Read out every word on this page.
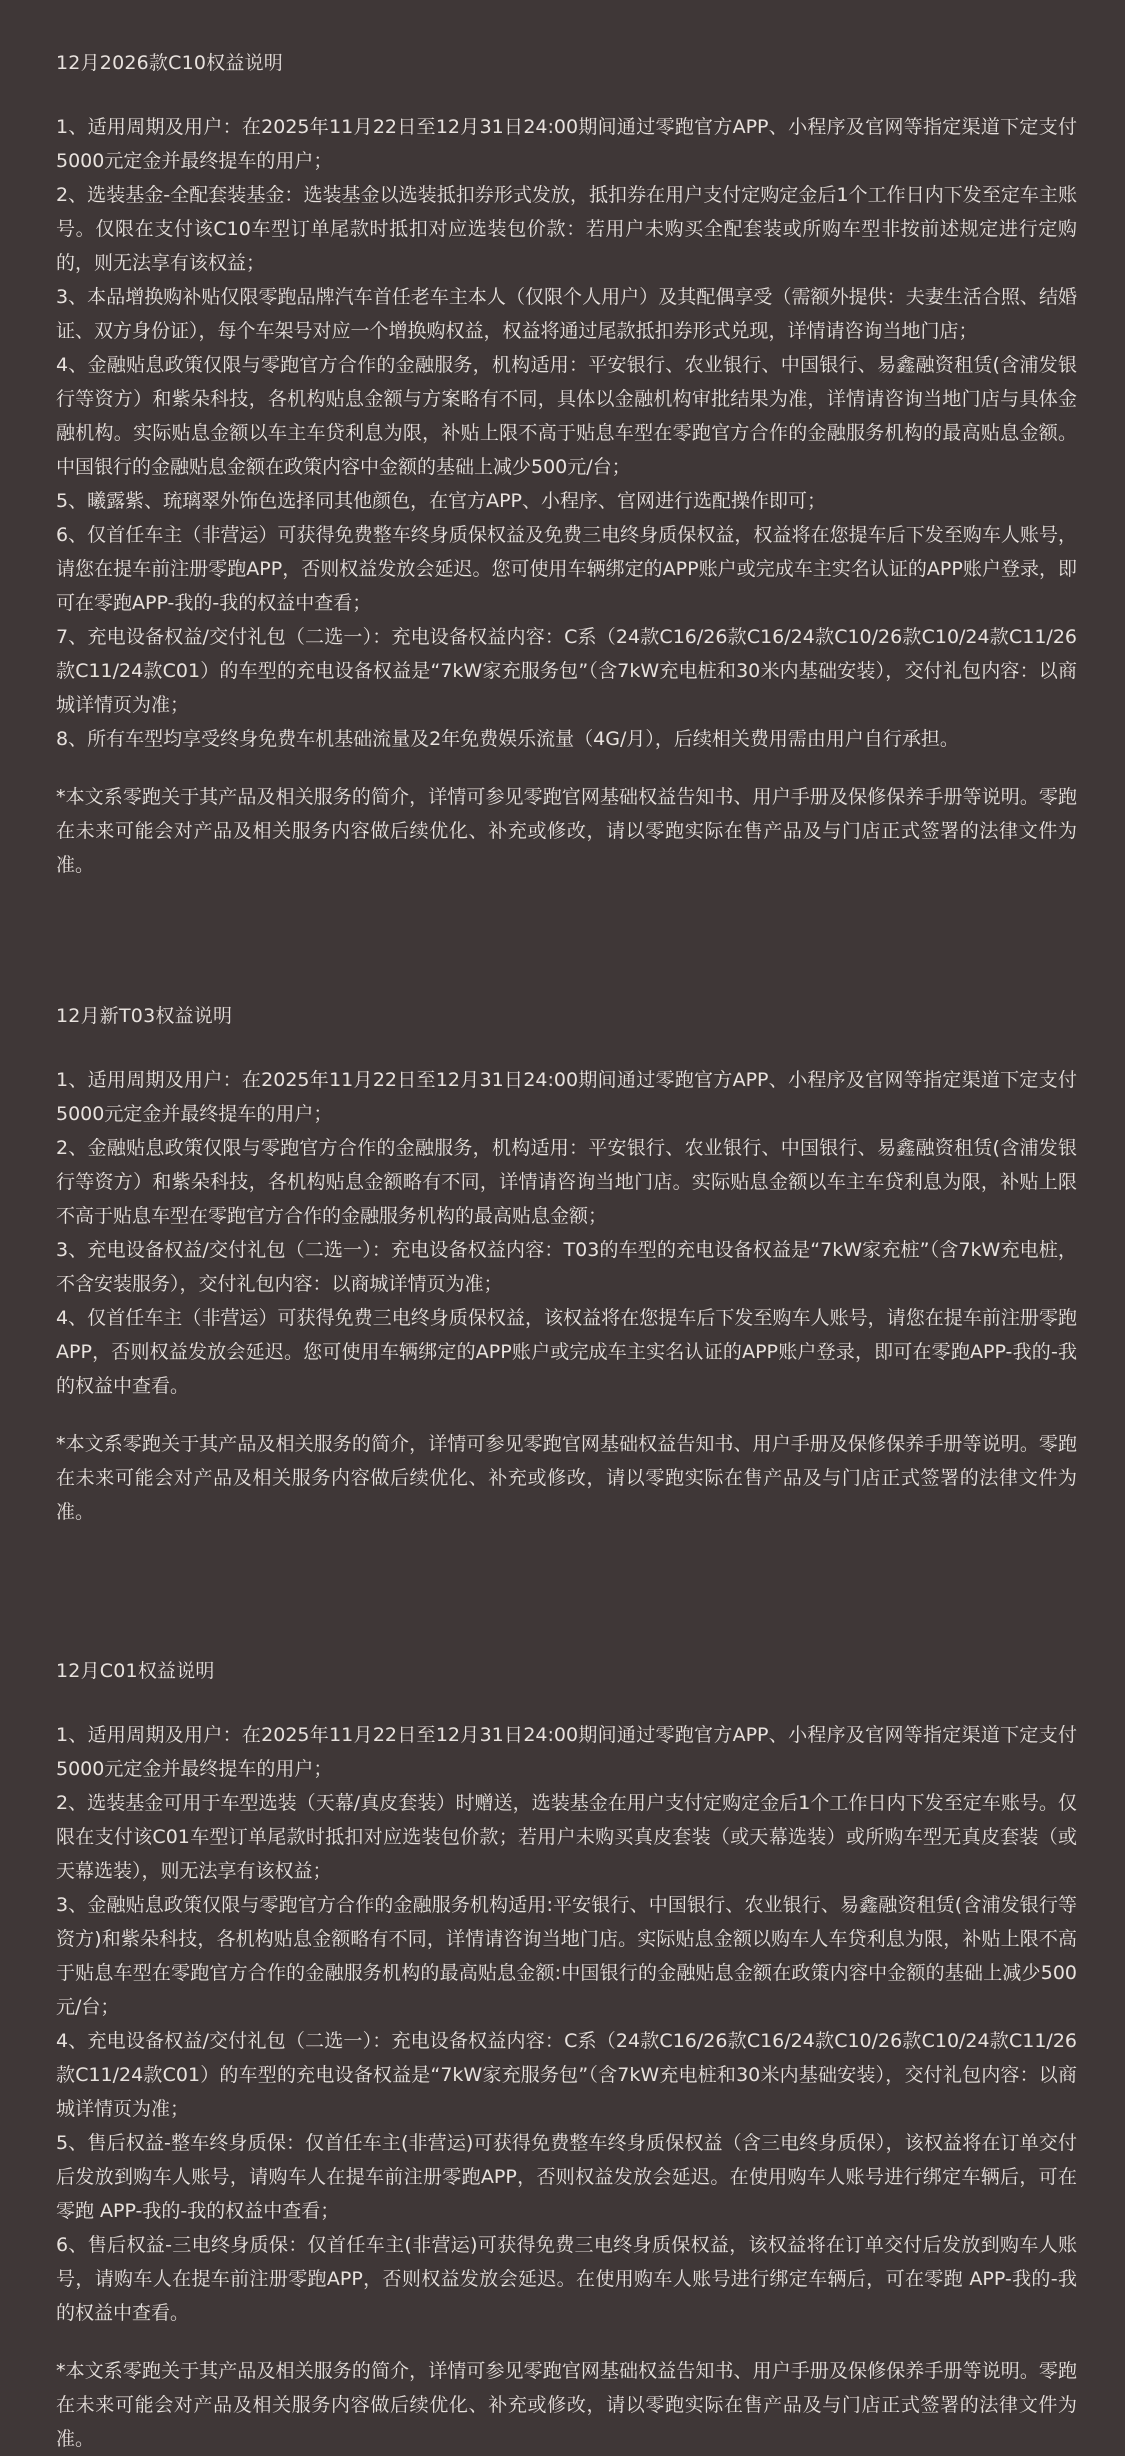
12月2026款C10权益说明

1、适用周期及用户：在2025年11月22日至12月31日24:00期间通过零跑官方APP、小程序及官网等指定渠道下定支付5000元定金并最终提车的用户；

2、选装基金-全配套装基金：选装基金以选装抵扣券形式发放，抵扣券在用户支付定购定金后1个工作日内下发至定车主账号。仅限在支付该C10车型订单尾款时抵扣对应选装包价款：若用户未购买全配套装或所购车型非按前述规定进行定购的，则无法享有该权益；

3、本品增换购补贴仅限零跑品牌汽车首任老车主本人（仅限个人用户）及其配偶享受（需额外提供：夫妻生活合照、结婚证、双方身份证），每个车架号对应一个增换购权益，权益将通过尾款抵扣券形式兑现，详情请咨询当地门店；

4、金融贴息政策仅限与零跑官方合作的金融服务，机构适用：平安银行、农业银行、中国银行、易鑫融资租赁(含浦发银行等资方）和紫朵科技，各机构贴息金额与方案略有不同，具体以金融机构审批结果为准，详情请咨询当地门店与具体金融机构。实际贴息金额以车主车贷利息为限，补贴上限不高于贴息车型在零跑官方合作的金融服务机构的最高贴息金额。中国银行的金融贴息金额在政策内容中金额的基础上减少500元/台；

5、曦露紫、琉璃翠外饰色选择同其他颜色，在官方APP、小程序、官网进行选配操作即可；

6、仅首任车主（非营运）可获得免费整车终身质保权益及免费三电终身质保权益，权益将在您提车后下发至购车人账号，请您在提车前注册零跑APP，否则权益发放会延迟。您可使用车辆绑定的APP账户或完成车主实名认证的APP账户登录，即可在零跑APP-我的-我的权益中查看；

7、充电设备权益/交付礼包（二选一）：充电设备权益内容：C系（24款C16/26款C16/24款C10/26款C10/24款C11/26款C11/24款C01）的车型的充电设备权益是“7kW家充服务包”（含7kW充电桩和30米内基础安装），交付礼包内容：以商城详情页为准；

8、所有车型均享受终身免费车机基础流量及2年免费娱乐流量（4G/月），后续相关费用需由用户自行承担。

*本文系零跑关于其产品及相关服务的简介，详情可参见零跑官网基础权益告知书、用户手册及保修保养手册等说明。零跑在未来可能会对产品及相关服务内容做后续优化、补充或修改，请以零跑实际在售产品及与门店正式签署的法律文件为准。

12月新T03权益说明

1、适用周期及用户：在2025年11月22日至12月31日24:00期间通过零跑官方APP、小程序及官网等指定渠道下定支付5000元定金并最终提车的用户；

2、金融贴息政策仅限与零跑官方合作的金融服务，机构适用：平安银行、农业银行、中国银行、易鑫融资租赁(含浦发银行等资方）和紫朵科技，各机构贴息金额略有不同，详情请咨询当地门店。实际贴息金额以车主车贷利息为限，补贴上限不高于贴息车型在零跑官方合作的金融服务机构的最高贴息金额；

3、充电设备权益/交付礼包（二选一）：充电设备权益内容：T03的车型的充电设备权益是“7kW家充桩”（含7kW充电桩，不含安装服务），交付礼包内容：以商城详情页为准；

4、仅首任车主（非营运）可获得免费三电终身质保权益，该权益将在您提车后下发至购车人账号，请您在提车前注册零跑APP，否则权益发放会延迟。您可使用车辆绑定的APP账户或完成车主实名认证的APP账户登录，即可在零跑APP-我的-我的权益中查看。

*本文系零跑关于其产品及相关服务的简介，详情可参见零跑官网基础权益告知书、用户手册及保修保养手册等说明。零跑在未来可能会对产品及相关服务内容做后续优化、补充或修改，请以零跑实际在售产品及与门店正式签署的法律文件为准。

12月C01权益说明

1、适用周期及用户：在2025年11月22日至12月31日24:00期间通过零跑官方APP、小程序及官网等指定渠道下定支付5000元定金并最终提车的用户；

2、选装基金可用于车型选装（天幕/真皮套装）时赠送，选装基金在用户支付定购定金后1个工作日内下发至定车账号。仅限在支付该C01车型订单尾款时抵扣对应选装包价款；若用户未购买真皮套装（或天幕选装）或所购车型无真皮套装（或天幕选装），则无法享有该权益；

3、金融贴息政策仅限与零跑官方合作的金融服务机构适用:平安银行、中国银行、农业银行、易鑫融资租赁(含浦发银行等资方)和紫朵科技，各机构贴息金额略有不同，详情请咨询当地门店。实际贴息金额以购车人车贷利息为限，补贴上限不高于贴息车型在零跑官方合作的金融服务机构的最高贴息金额:中国银行的金融贴息金额在政策内容中金额的基础上减少500元/台；

4、充电设备权益/交付礼包（二选一）：充电设备权益内容：C系（24款C16/26款C16/24款C10/26款C10/24款C11/26款C11/24款C01）的车型的充电设备权益是“7kW家充服务包”（含7kW充电桩和30米内基础安装），交付礼包内容：以商城详情页为准；

5、售后权益-整车终身质保：仅首任车主(非营运)可获得免费整车终身质保权益（含三电终身质保），该权益将在订单交付后发放到购车人账号，请购车人在提车前注册零跑APP，否则权益发放会延迟。在使用购车人账号进行绑定车辆后，可在零跑 APP-我的-我的权益中查看；

6、售后权益-三电终身质保：仅首任车主(非营运)可获得免费三电终身质保权益，该权益将在订单交付后发放到购车人账号，请购车人在提车前注册零跑APP，否则权益发放会延迟。在使用购车人账号进行绑定车辆后，可在零跑 APP-我的-我的权益中查看。

*本文系零跑关于其产品及相关服务的简介，详情可参见零跑官网基础权益告知书、用户手册及保修保养手册等说明。零跑在未来可能会对产品及相关服务内容做后续优化、补充或修改，请以零跑实际在售产品及与门店正式签署的法律文件为准。
